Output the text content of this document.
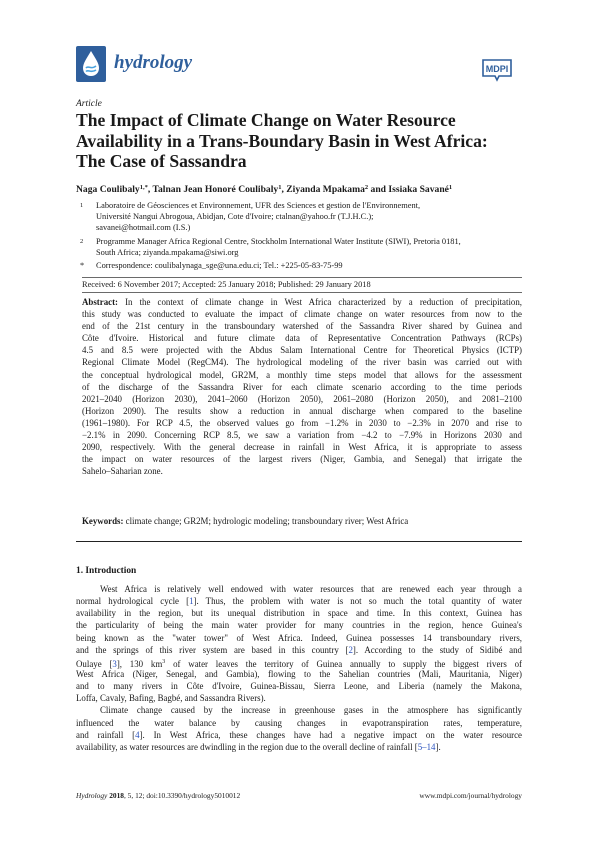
hydrology	MDPI
Article
The Impact of Climate Change on Water Resource
Availability in a Trans-Boundary Basin in West Africa:
The Case of Sassandra
Naga Coulibaly$^{1,*}$, Talnan Jean Honoré Coulibaly$^1$, Ziyanda Mpakama$^2$ and Issiaka Savané$^1$
1 Laboratoire de Géosciences et Environnement, UFR des Sciences et gestion de l'Environnement,
Université Nangui Abrogoua, Abidjan, Cote d'Ivoire; ctalnan@yahoo.fr (T.J.H.C.);
savanei@hotmail.com (I.S.)
2 Programme Manager Africa Regional Centre, Stockholm International Water Institute (SIWI), Pretoria 0181,
South Africa; ziyanda.mpakama@siwi.org
* Correspondence: coulibalynaga_sge@una.edu.ci; Tel.: +225-05-83-75-99
Received: 6 November 2017; Accepted: 25 January 2018; Published: 29 January 2018
Abstract: In the context of climate change in West Africa characterized by a reduction of precipitation,
this study was conducted to evaluate the impact of climate change on water resources from now to the
end of the 21st century in the transboundary watershed of the Sassandra River shared by Guinea and
Côte d'Ivoire. Historical and future climate data of Representative Concentration Pathways (RCPs)
4.5 and 8.5 were projected with the Abdus Salam International Centre for Theoretical Physics (ICTP)
Regional Climate Model (RegCM4). The hydrological modeling of the river basin was carried out with
the conceptual hydrological model, GR2M, a monthly time steps model that allows for the assessment
of the discharge of the Sassandra River for each climate scenario according to the time periods
2021–2040 (Horizon 2030), 2041–2060 (Horizon 2050), 2061–2080 (Horizon 2050), and 2081–2100
(Horizon 2090). The results show a reduction in annual discharge when compared to the baseline
(1961–1980). For RCP 4.5, the observed values go from −1.2% in 2030 to −2.3% in 2070 and rise to
−2.1% in 2090. Concerning RCP 8.5, we saw a variation from −4.2 to −7.9% in Horizons 2030 and
2090, respectively. With the general decrease in rainfall in West Africa, it is appropriate to assess
the impact on water resources of the largest rivers (Niger, Gambia, and Senegal) that irrigate the
Sahelo–Saharian zone.
Keywords: climate change; GR2M; hydrologic modeling; transboundary river; West Africa
1. Introduction
West Africa is relatively well endowed with water resources that are renewed each year through a
normal hydrological cycle [1]. Thus, the problem with water is not so much the total quantity of water
availability in the region, but its unequal distribution in space and time. In this context, Guinea has
the particularity of being the main water provider for many countries in the region, hence Guinea's
being known as the "water tower" of West Africa. Indeed, Guinea possesses 14 transboundary rivers,
and the springs of this river system are based in this country [2]. According to the study of Sidibé and
Oulaye [3], 130 $km^3$ of water leaves the territory of Guinea annually to supply the biggest rivers of
West Africa (Niger, Senegal, and Gambia), flowing to the Sahelian countries (Mali, Mauritania, Niger)
and to many rivers in Côte d'Ivoire, Guinea-Bissau, Sierra Leone, and Liberia (namely the Makona,
Loffa, Cavaly, Bafing, Bagbé, and Sassandra Rivers).
Climate change caused by the increase in greenhouse gases in the atmosphere has significantly
influenced the water balance by causing changes in evapotranspiration rates, temperature,
and rainfall [4]. In West Africa, these changes have had a negative impact on the water resource
availability, as water resources are dwindling in the region due to the overall decline of rainfall [5–14].
Hydrology 2018, 5, 12; doi:10.3390/hydrology5010012	www.mdpi.com/journal/hydrology
